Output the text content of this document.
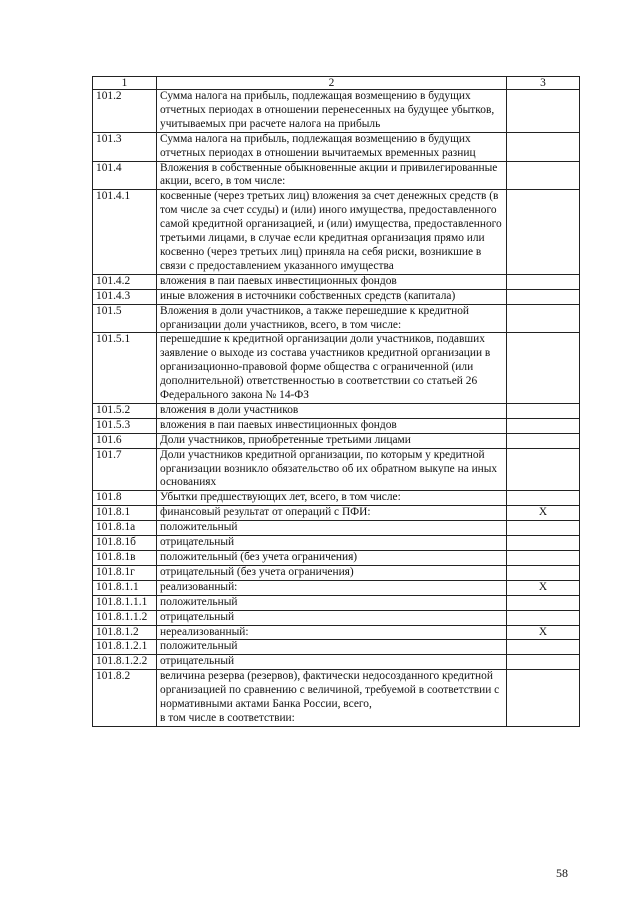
1	2	3
101.2	Сумма налога на прибыль, подлежащая возмещению в будущих отчетных периодах в отношении перенесенных на будущее убытков, учитываемых при расчете налога на прибыль	
101.3	Сумма налога на прибыль, подлежащая возмещению в будущих отчетных периодах в отношении вычитаемых временных разниц	
101.4	Вложения в собственные обыкновенные акции и привилегированные акции, всего, в том числе:	
101.4.1	косвенные (через третьих лиц) вложения за счет денежных средств (в том числе за счет ссуды) и (или) иного имущества, предоставленного самой кредитной организацией, и (или) имущества, предоставленного третьими лицами, в случае если кредитная организация прямо или косвенно (через третьих лиц) приняла на себя риски, возникшие в связи с предоставлением указанного имущества	
101.4.2	вложения в паи паевых инвестиционных фондов	
101.4.3	иные вложения в источники собственных средств (капитала)	
101.5	Вложения в доли участников, а также перешедшие к кредитной организации доли участников, всего, в том числе:	
101.5.1	перешедшие к кредитной организации доли участников, подавших заявление о выходе из состава участников кредитной организации в организационно-правовой форме общества с ограниченной (или дополнительной) ответственностью в соответствии со статьей 26 Федерального закона № 14-ФЗ	
101.5.2	вложения в доли участников	
101.5.3	вложения в паи паевых инвестиционных фондов	
101.6	Доли участников, приобретенные третьими лицами	
101.7	Доли участников кредитной организации, по которым у кредитной организации возникло обязательство об их обратном выкупе на иных основаниях	
101.8	Убытки предшествующих лет, всего, в том числе:	
101.8.1	финансовый результат от операций с ПФИ:	X
101.8.1а	положительный	
101.8.1б	отрицательный	
101.8.1в	положительный (без учета ограничения)	
101.8.1г	отрицательный (без учета ограничения)	
101.8.1.1	реализованный:	X
101.8.1.1.1	положительный	
101.8.1.1.2	отрицательный	
101.8.1.2	нереализованный:	X
101.8.1.2.1	положительный	
101.8.1.2.2	отрицательный	
101.8.2	величина резерва (резервов), фактически недосозданного кредитной организацией по сравнению с величиной, требуемой в соответствии с нормативными актами Банка России, всего,
в том числе в соответствии:	
58
